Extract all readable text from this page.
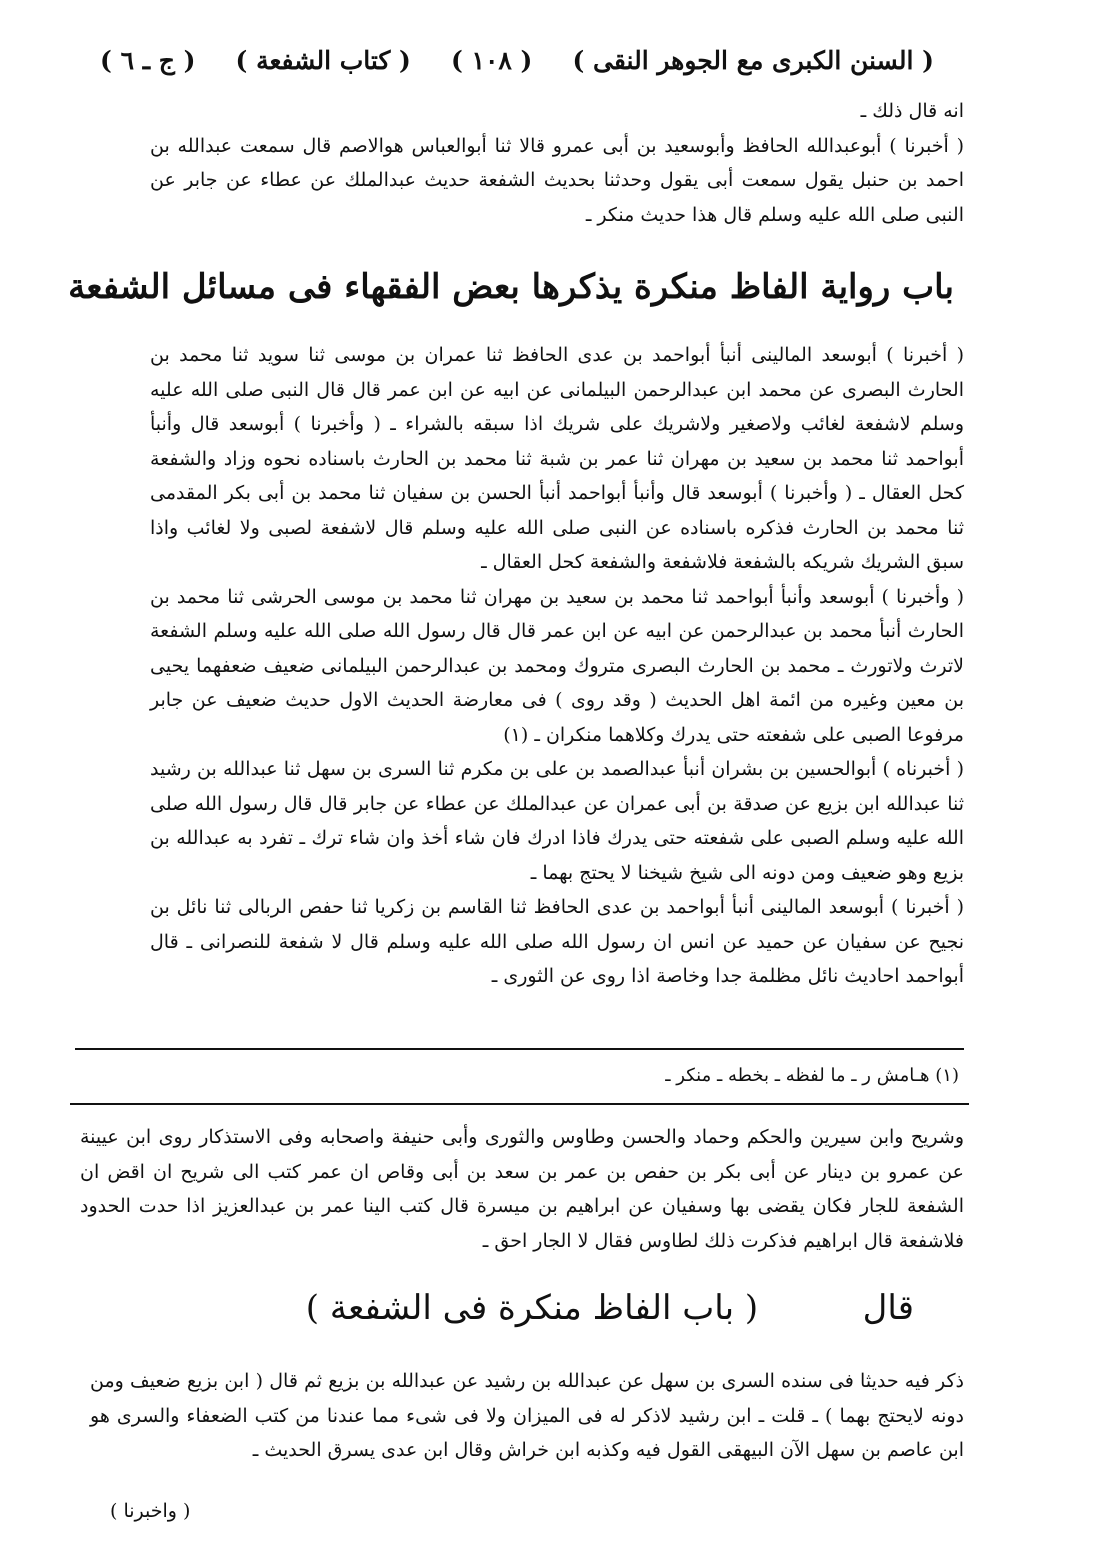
( السنن الكبرى مع الجوهر النقى )
( ١٠٨ )
( كتاب الشفعة )
( ج ـ ٦ )

انه قال ذلك ـ

( أخبرنا ) أبوعبدالله الحافظ وأبوسعيد بن أبى عمرو قالا ثنا أبوالعباس هوالاصم قال سمعت عبدالله بن احمد بن حنبل يقول سمعت أبى يقول وحدثنا بحديث الشفعة حديث عبدالملك عن عطاء عن جابر عن النبى صلى الله عليه وسلم قال هذا حديث منكر ـ

باب رواية الفاظ منكرة يذكرها بعض الفقهاء فى مسائل الشفعة

( أخبرنا ) أبوسعد المالينى أنبأ أبواحمد بن عدى الحافظ ثنا عمران بن موسى ثنا سويد ثنا محمد بن الحارث البصرى عن محمد ابن عبدالرحمن البيلمانى عن ابيه عن ابن عمر قال قال النبى صلى الله عليه وسلم لاشفعة لغائب ولاصغير ولاشريك على شريك اذا سبقه بالشراء ـ ( وأخبرنا ) أبوسعد قال وأنبأ أبواحمد ثنا محمد بن سعيد بن مهران ثنا عمر بن شبة ثنا محمد بن الحارث باسناده نحوه وزاد والشفعة كحل العقال ـ ( وأخبرنا ) أبوسعد قال وأنبأ أبواحمد أنبأ الحسن بن سفيان ثنا محمد بن أبى بكر المقدمى ثنا محمد بن الحارث فذكره باسناده عن النبى صلى الله عليه وسلم قال لاشفعة لصبى ولا لغائب واذا سبق الشريك شريكه بالشفعة فلاشفعة والشفعة كحل العقال ـ

( وأخبرنا ) أبوسعد وأنبأ أبواحمد ثنا محمد بن سعيد بن مهران ثنا محمد بن موسى الحرشى ثنا محمد بن الحارث أنبأ محمد بن عبدالرحمن عن ابيه عن ابن عمر قال قال رسول الله صلى الله عليه وسلم الشفعة لاترث ولاتورث ـ محمد بن الحارث البصرى متروك ومحمد بن عبدالرحمن البيلمانى ضعيف ضعفهما يحيى بن معين وغيره من ائمة اهل الحديث ( وقد روى ) فى معارضة الحديث الاول حديث ضعيف عن جابر مرفوعا الصبى على شفعته حتى يدرك وكلاهما منكران ـ (١)

( أخبرناه ) أبوالحسين بن بشران أنبأ عبدالصمد بن على بن مكرم ثنا السرى بن سهل ثنا عبدالله بن رشيد ثنا عبدالله ابن بزيع عن صدقة بن أبى عمران عن عبدالملك عن عطاء عن جابر قال قال رسول الله صلى الله عليه وسلم الصبى على شفعته حتى يدرك فاذا ادرك فان شاء أخذ وان شاء ترك ـ تفرد به عبدالله بن بزيع وهو ضعيف ومن دونه الى شيخ شيخنا لا يحتج بهما ـ

( أخبرنا ) أبوسعد المالينى أنبأ أبواحمد بن عدى الحافظ ثنا القاسم بن زكريا ثنا حفص الربالى ثنا نائل بن نجيح عن سفيان عن حميد عن انس ان رسول الله صلى الله عليه وسلم قال لا شفعة للنصرانى ـ قال أبواحمد احاديث نائل مظلمة جدا وخاصة اذا روى عن الثورى ـ

(١) هـامش ر ـ ما لفظه ـ بخطه ـ منكر ـ

وشريح وابن سيرين والحكم وحماد والحسن وطاوس والثورى وأبى حنيفة واصحابه وفى الاستذكار روى ابن عيينة عن عمرو بن دينار عن أبى بكر بن حفص بن عمر بن سعد بن أبى وقاص ان عمر كتب الى شريح ان اقض ان الشفعة للجار فكان يقضى بها وسفيان عن ابراهيم بن ميسرة قال كتب الينا عمر بن عبدالعزيز اذا حدت الحدود فلاشفعة قال ابراهيم فذكرت ذلك لطاوس فقال لا الجار احق ـ

قال ( باب الفاظ منكرة فى الشفعة )

ذكر فيه حديثا فى سنده السرى بن سهل عن عبدالله بن رشيد عن عبدالله بن بزيع ثم قال ( ابن بزيع ضعيف ومن دونه لايحتج بهما ) ـ قلت ـ ابن رشيد لاذكر له فى الميزان ولا فى شىء مما عندنا من كتب الضعفاء والسرى هو ابن عاصم بن سهل الآن البيهقى القول فيه وكذبه ابن خراش وقال ابن عدى يسرق الحديث ـ

( واخبرنا )
